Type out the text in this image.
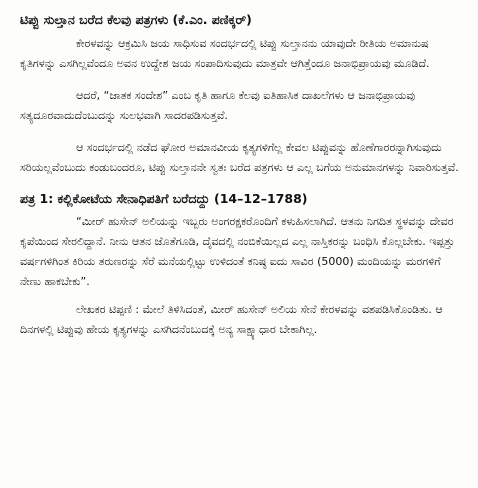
ಟಿಪ್ಪು ಸುಲ್ತಾನ ಬರೆದ ಕೆಲವು ಪತ್ರಗಳು (ಕೆ.ಎಂ. ಪಣಿಕ್ಕರ್)

ಕೇರಳವನ್ನು ಆಕ್ರಮಿಸಿ ಜಯ ಸಾಧಿಸುವ ಸಂದರ್ಭದಲ್ಲಿ ಟಿಪ್ಪು ಸುಲ್ತಾನನು ಯಾವುದೇ ರೀತಿಯ ಅಮಾನುಷ ಕೃತಿಗಳನ್ನು ಎಸಗಿಲ್ಲವೆಂದೂ ಅವನ ಉದ್ದೇಶ ಜಯ ಸಂಪಾದಿಸುವುದು ಮಾತ್ರವೇ ಆಗಿತ್ತೆಂದೂ ಜನಾಭಿಪ್ರಾಯವು ಮೂಡಿದೆ.

ಆದರೆ, “ಜಾತಕ ಸಂದೇಶ” ಎಂಬ ಕೃತಿ ಹಾಗೂ ಕೆಲವು ಐತಿಹಾಸಿಕ ದಾಖಲೆಗಳು ಆ ಜನಾಭಿಪ್ರಾಯವು ಸತ್ಯದೂರವಾದುದೆಂಬುದನ್ನು ಸುಲಭವಾಗಿ ಸಾದರಪಡಿಸುತ್ತವೆ.

ಆ ಸಂದರ್ಭದಲ್ಲಿ ನಡೆದ ಘೋರ ಅಮಾನವೀಯ ಕೃತ್ಯಗಳಿಗೆಲ್ಲ ಕೇವಲ ಟಿಪ್ಪುವನ್ನು ಹೊಣೆಗಾರರನ್ನಾಗಿಸುವುದು ಸರಿಯಲ್ಲವೆಂಬುದು ಕಂಡುಬಂದರೂ, ಟಿಪ್ಪು ಸುಲ್ತಾನನೇ ಸ್ವತಃ ಬರೆದ ಪತ್ರಗಳು ಆ ಎಲ್ಲ ಬಗೆಯ ಅನುಮಾನಗಳನ್ನು ನಿವಾರಿಸುತ್ತವೆ.

ಪತ್ರ 1: ಕಲ್ಲಿಕೋಟೆಯ ಸೇನಾಧಿಪತಿಗೆ ಬರೆದದ್ದು (14–12–1788)

“ಮೀರ್ ಹುಸೇನ್ ಅಲಿಯನ್ನು ಇಬ್ಬರು ಅಂಗರಕ್ಷಕರೊಂದಿಗೆ ಕಳುಹಿಸಲಾಗಿದೆ. ಆತನು ನಿಗದಿತ ಸ್ಥಳವನ್ನು ದೇವರ ಕೃಪೆಯಿಂದ ಸೇರಲಿದ್ದಾನೆ. ನೀನು ಆತನ ಜೊತೆಗೂಡಿ, ದೈವದಲ್ಲಿ ನಂಬಿಕೆಯಿಲ್ಲದ ಎಲ್ಲ ನಾಸ್ತಿಕರನ್ನು ಬಂಧಿಸಿ ಕೊಲ್ಲಬೇಕು. ಇಪ್ಪತ್ತು ವರ್ಷಗಳಿಗಿಂತ ಕಿರಿಯ ತರುಣರನ್ನು ಸೆರೆ ಮನೆಯಲ್ಲಿಟ್ಟು ಉಳಿದಂತೆ ಕನಿಷ್ಠ ಐದು ಸಾವಿರ (5000) ಮಂದಿಯನ್ನು ಮರಗಳಿಗೆ ನೇಣು ಹಾಕಬೇಕು”.

ಲೇಖಕರ ಟಿಪ್ಪಣಿ : ಮೇಲೆ ತಿಳಿಸಿದಂತೆ, ಮೀರ್ ಹುಸೇನ್ ಅಲಿಯ ಸೇನೆ ಕೇರಳವನ್ನು ವಶಪಡಿಸಿಕೊಂಡಿತು. ಆ ದಿನಗಳಲ್ಲಿ ಟಿಪ್ಪುವು ಹೇಯ ಕೃತ್ಯಗಳನ್ನು ಎಸಗಿದನೆಂಬುದಕ್ಕೆ ಅನ್ಯ ಸಾಕ್ಷ್ಯಾಧಾರ ಬೇಕಾಗಿಲ್ಲ.
